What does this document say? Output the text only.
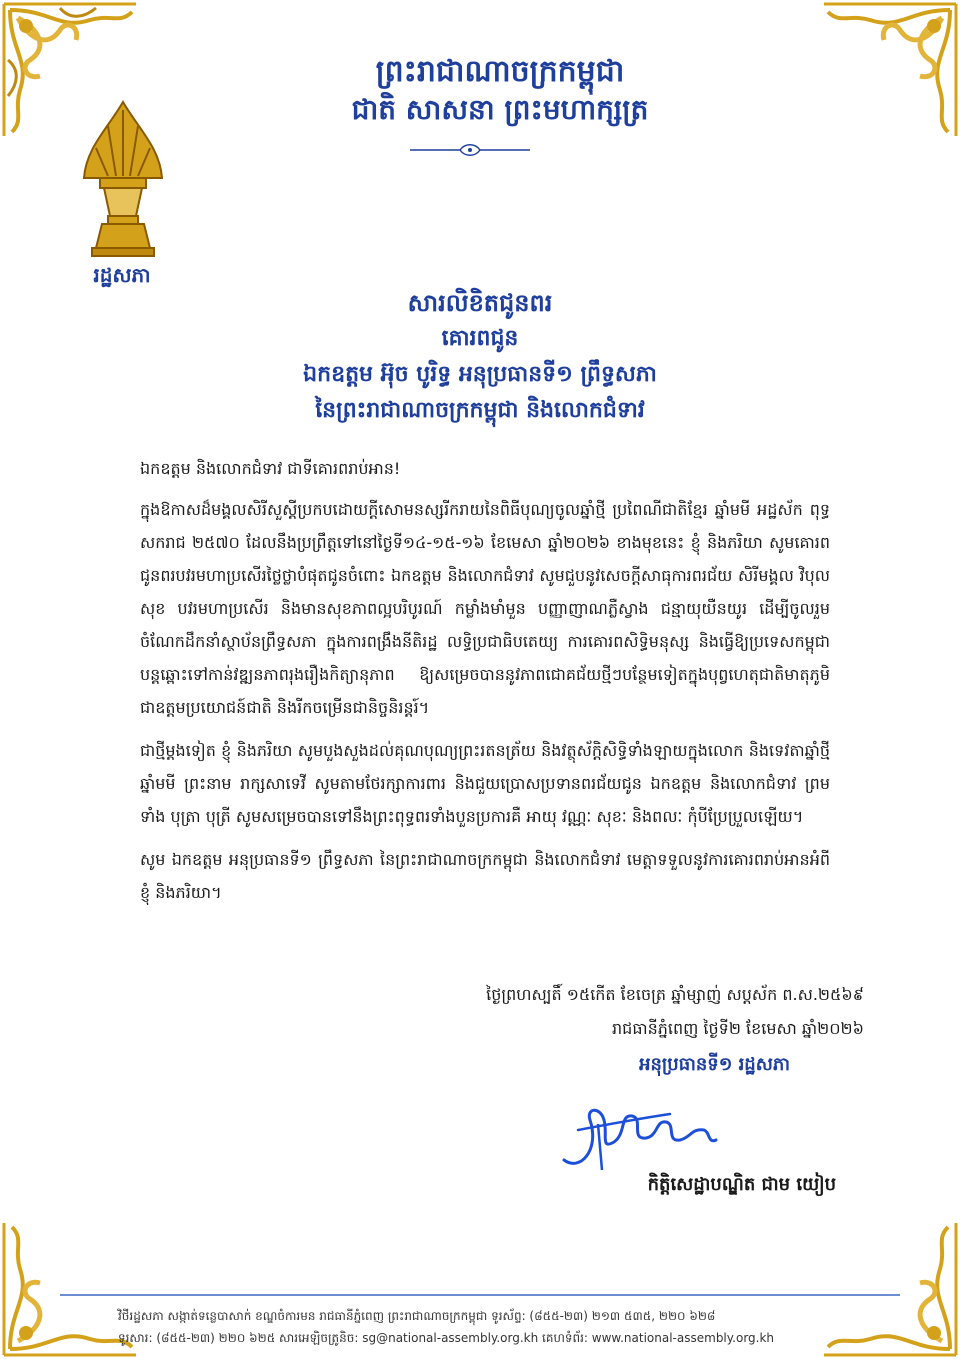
ព្រះរាជាណាចក្រកម្ពុជា
ជាតិ សាសនា ព្រះមហាក្សត្រ
រដ្ឋសភា
សារលិខិតជូនពរ
គោរពជូន
ឯកឧត្តម អ៊ុច បូរិទ្ធ អនុប្រធានទី១ ព្រឹទ្ធសភា
នៃព្រះរាជាណាចក្រកម្ពុជា និងលោកជំទាវ

ឯកឧត្តម និងលោកជំទាវ ជាទីគោរពរាប់អាន!

ក្នុងឱកាសដ៏មង្គលសិរីសួស្តីប្រកបដោយក្តីសោមនស្សរីករាយនៃពិធីបុណ្យចូលឆ្នាំថ្មី ប្រពៃណីជាតិខ្មែរ ឆ្នាំមមី អដ្ឋស័ក ពុទ្ធសករាជ ២៥៧០ ដែលនឹងប្រព្រឹត្តទៅនៅថ្ងៃទី១៤-១៥-១៦ ខែមេសា ឆ្នាំ២០២៦ ខាងមុខនេះ ខ្ញុំ និងភរិយា សូមគោរពជូនពរបវរមហាប្រសើរថ្លៃថ្លាបំផុតជូនចំពោះ ឯកឧត្តម និងលោកជំទាវ សូមជួបនូវសេចក្តីសាធុការពរជ័យ សិរីមង្គល វិបុលសុខ បវរមហាប្រសើរ និងមានសុខភាពល្អបរិបូរណ៍ កម្លាំងមាំមួន បញ្ញាញាណភ្លឺស្វាង ជន្មាយុយឺនយូរ ដើម្បីចូលរួមចំណែកដឹកនាំស្ថាប័នព្រឹទ្ធសភា ក្នុងការពង្រឹងនីតិរដ្ឋ លទ្ធិប្រជាធិបតេយ្យ ការគោរពសិទ្ធិមនុស្ស និងធ្វើឱ្យប្រទេសកម្ពុជា បន្តឆ្ពោះទៅកាន់វឌ្ឍនភាពរុងរឿងកិត្យានុភាព ឱ្យសម្រេចបាននូវភាពជោគជ័យថ្មីៗបន្ថែមទៀតក្នុងបុព្វហេតុជាតិមាតុភូមិ ជាឧត្តមប្រយោជន៍ជាតិ និងរីកចម្រើនជានិច្ចនិរន្តរ៍។

ជាថ្មីម្តងទៀត ខ្ញុំ និងភរិយា សូមបួងសួងដល់គុណបុណ្យព្រះរតនត្រ័យ និងវត្ថុស័ក្តិសិទ្ធិទាំងឡាយក្នុងលោក និងទេវតាឆ្នាំថ្មី ឆ្នាំមមី ព្រះនាម រាក្សសាទេវី សូមតាមថែរក្សាការពារ និងជួយប្រោសប្រទានពរជ័យជូន ឯកឧត្តម និងលោកជំទាវ ព្រមទាំង បុត្រា បុត្រី សូមសម្រេចបានទៅនឹងព្រះពុទ្ធពរទាំងបួនប្រការគឺ អាយុ វណ្ណៈ សុខៈ និងពលៈ កុំបីប្រែប្រួលឡើយ។

សូម ឯកឧត្តម អនុប្រធានទី១ ព្រឹទ្ធសភា នៃព្រះរាជាណាចក្រកម្ពុជា និងលោកជំទាវ មេត្តាទទួលនូវការគោរពរាប់អានអំពីខ្ញុំ និងភរិយា។

ថ្ងៃព្រហស្បតិ៍ ១៥កើត ខែចេត្រ ឆ្នាំម្សាញ់ សប្តស័ក ព.ស.២៥៦៩
រាជធានីភ្នំពេញ ថ្ងៃទី២ ខែមេសា ឆ្នាំ២០២៦
អនុប្រធានទី១ រដ្ឋសភា
កិត្តិសេដ្ឋាបណ្ឌិត ជាម យៀប
វិថីរដ្ឋសភា សង្កាត់ទន្លេបាសាក់ ខណ្ឌចំការមន រាជធានីភ្នំពេញ ព្រះរាជាណាចក្រកម្ពុជា ទូរស័ព្ទ: (៨៥៥-២៣) ២១៣ ៥៣៥, ២២០ ៦២៨
ទូរសារ: (៨៥៥-២៣) ២២០ ៦២៥ សារអេឡិចត្រូនិច: sg@national-assembly.org.kh គេហទំព័រ: www.national-assembly.org.kh
